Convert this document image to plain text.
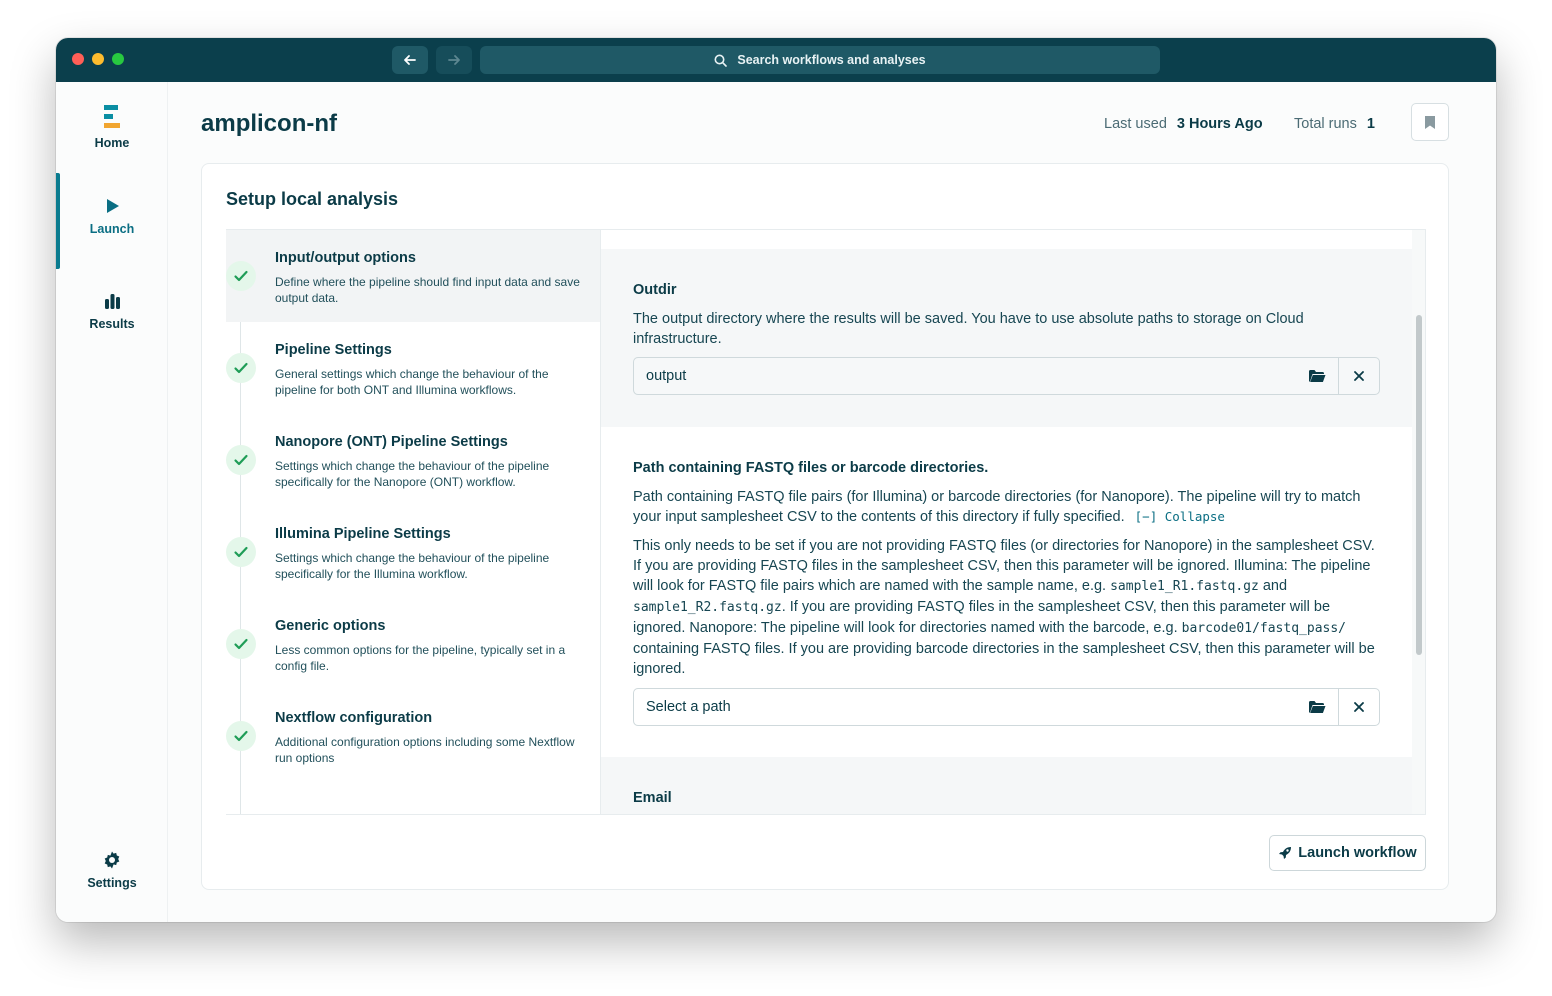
Search workflows and analyses
Home
Launch
Results
Settings
amplicon-nf	Last used 3 Hours Ago Total runs 1
Setup local analysis
Input/output options
Define where the pipeline should find input data and save output data.
Pipeline Settings
General settings which change the behaviour of the pipeline for both ONT and Illumina workflows.
Nanopore (ONT) Pipeline Settings
Settings which change the behaviour of the pipeline specifically for the Nanopore (ONT) workflow.
Illumina Pipeline Settings
Settings which change the behaviour of the pipeline specifically for the Illumina workflow.
Generic options
Less common options for the pipeline, typically set in a config file.
Nextflow configuration
Additional configuration options including some Nextflow run options
Outdir
The output directory where the results will be saved. You have to use absolute paths to storage on Cloud infrastructure.
output
Path containing FASTQ files or barcode directories.
Path containing FASTQ file pairs (for Illumina) or barcode directories (for Nanopore). The pipeline will try to match your input samplesheet CSV to the contents of this directory if fully specified. [−] Collapse
This only needs to be set if you are not providing FASTQ files (or directories for Nanopore) in the samplesheet CSV. If you are providing FASTQ files in the samplesheet CSV, then this parameter will be ignored. Illumina: The pipeline will look for FASTQ file pairs which are named with the sample name, e.g. sample1_R1.fastq.gz and sample1_R2.fastq.gz. If you are providing FASTQ files in the samplesheet CSV, then this parameter will be ignored. Nanopore: The pipeline will look for directories named with the barcode, e.g. barcode01/fastq_pass/ containing FASTQ files. If you are providing barcode directories in the samplesheet CSV, then this parameter will be ignored.
Select a path
Email
Launch workflow
